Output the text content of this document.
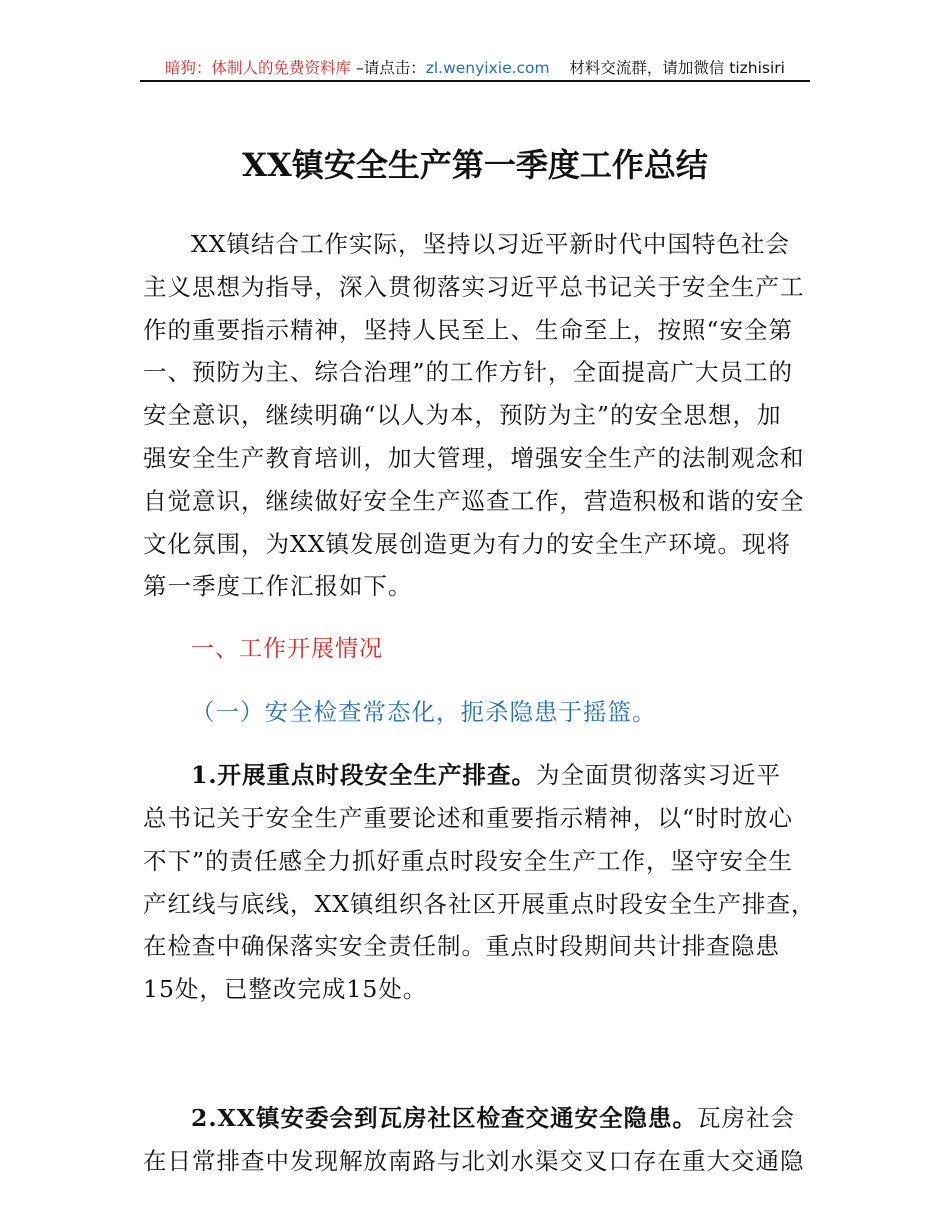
暗狗：体制人的免费资料库 –请点击：zl.wenyixie.com    材料交流群，请加微信 tizhisiri
XX镇安全生产第一季度工作总结
XX镇结合工作实际，坚持以习近平新时代中国特色社会
主义思想为指导，深入贯彻落实习近平总书记关于安全生产工
作的重要指示精神，坚持人民至上、生命至上，按照“安全第
一、预防为主、综合治理”的工作方针，全面提高广大员工的
安全意识，继续明确“以人为本，预防为主”的安全思想，加
强安全生产教育培训，加大管理，增强安全生产的法制观念和
自觉意识，继续做好安全生产巡查工作，营造积极和谐的安全
文化氛围，为XX镇发展创造更为有力的安全生产环境。现将
第一季度工作汇报如下。
一、工作开展情况
（一）安全检查常态化，扼杀隐患于摇篮。
1.开展重点时段安全生产排查。为全面贯彻落实习近平
总书记关于安全生产重要论述和重要指示精神，以“时时放心
不下”的责任感全力抓好重点时段安全生产工作，坚守安全生
产红线与底线，XX镇组织各社区开展重点时段安全生产排查，
在检查中确保落实安全责任制。重点时段期间共计排查隐患
15处，已整改完成15处。
2.XX镇安委会到瓦房社区检查交通安全隐患。瓦房社会
在日常排查中发现解放南路与北刘水渠交叉口存在重大交通隐
